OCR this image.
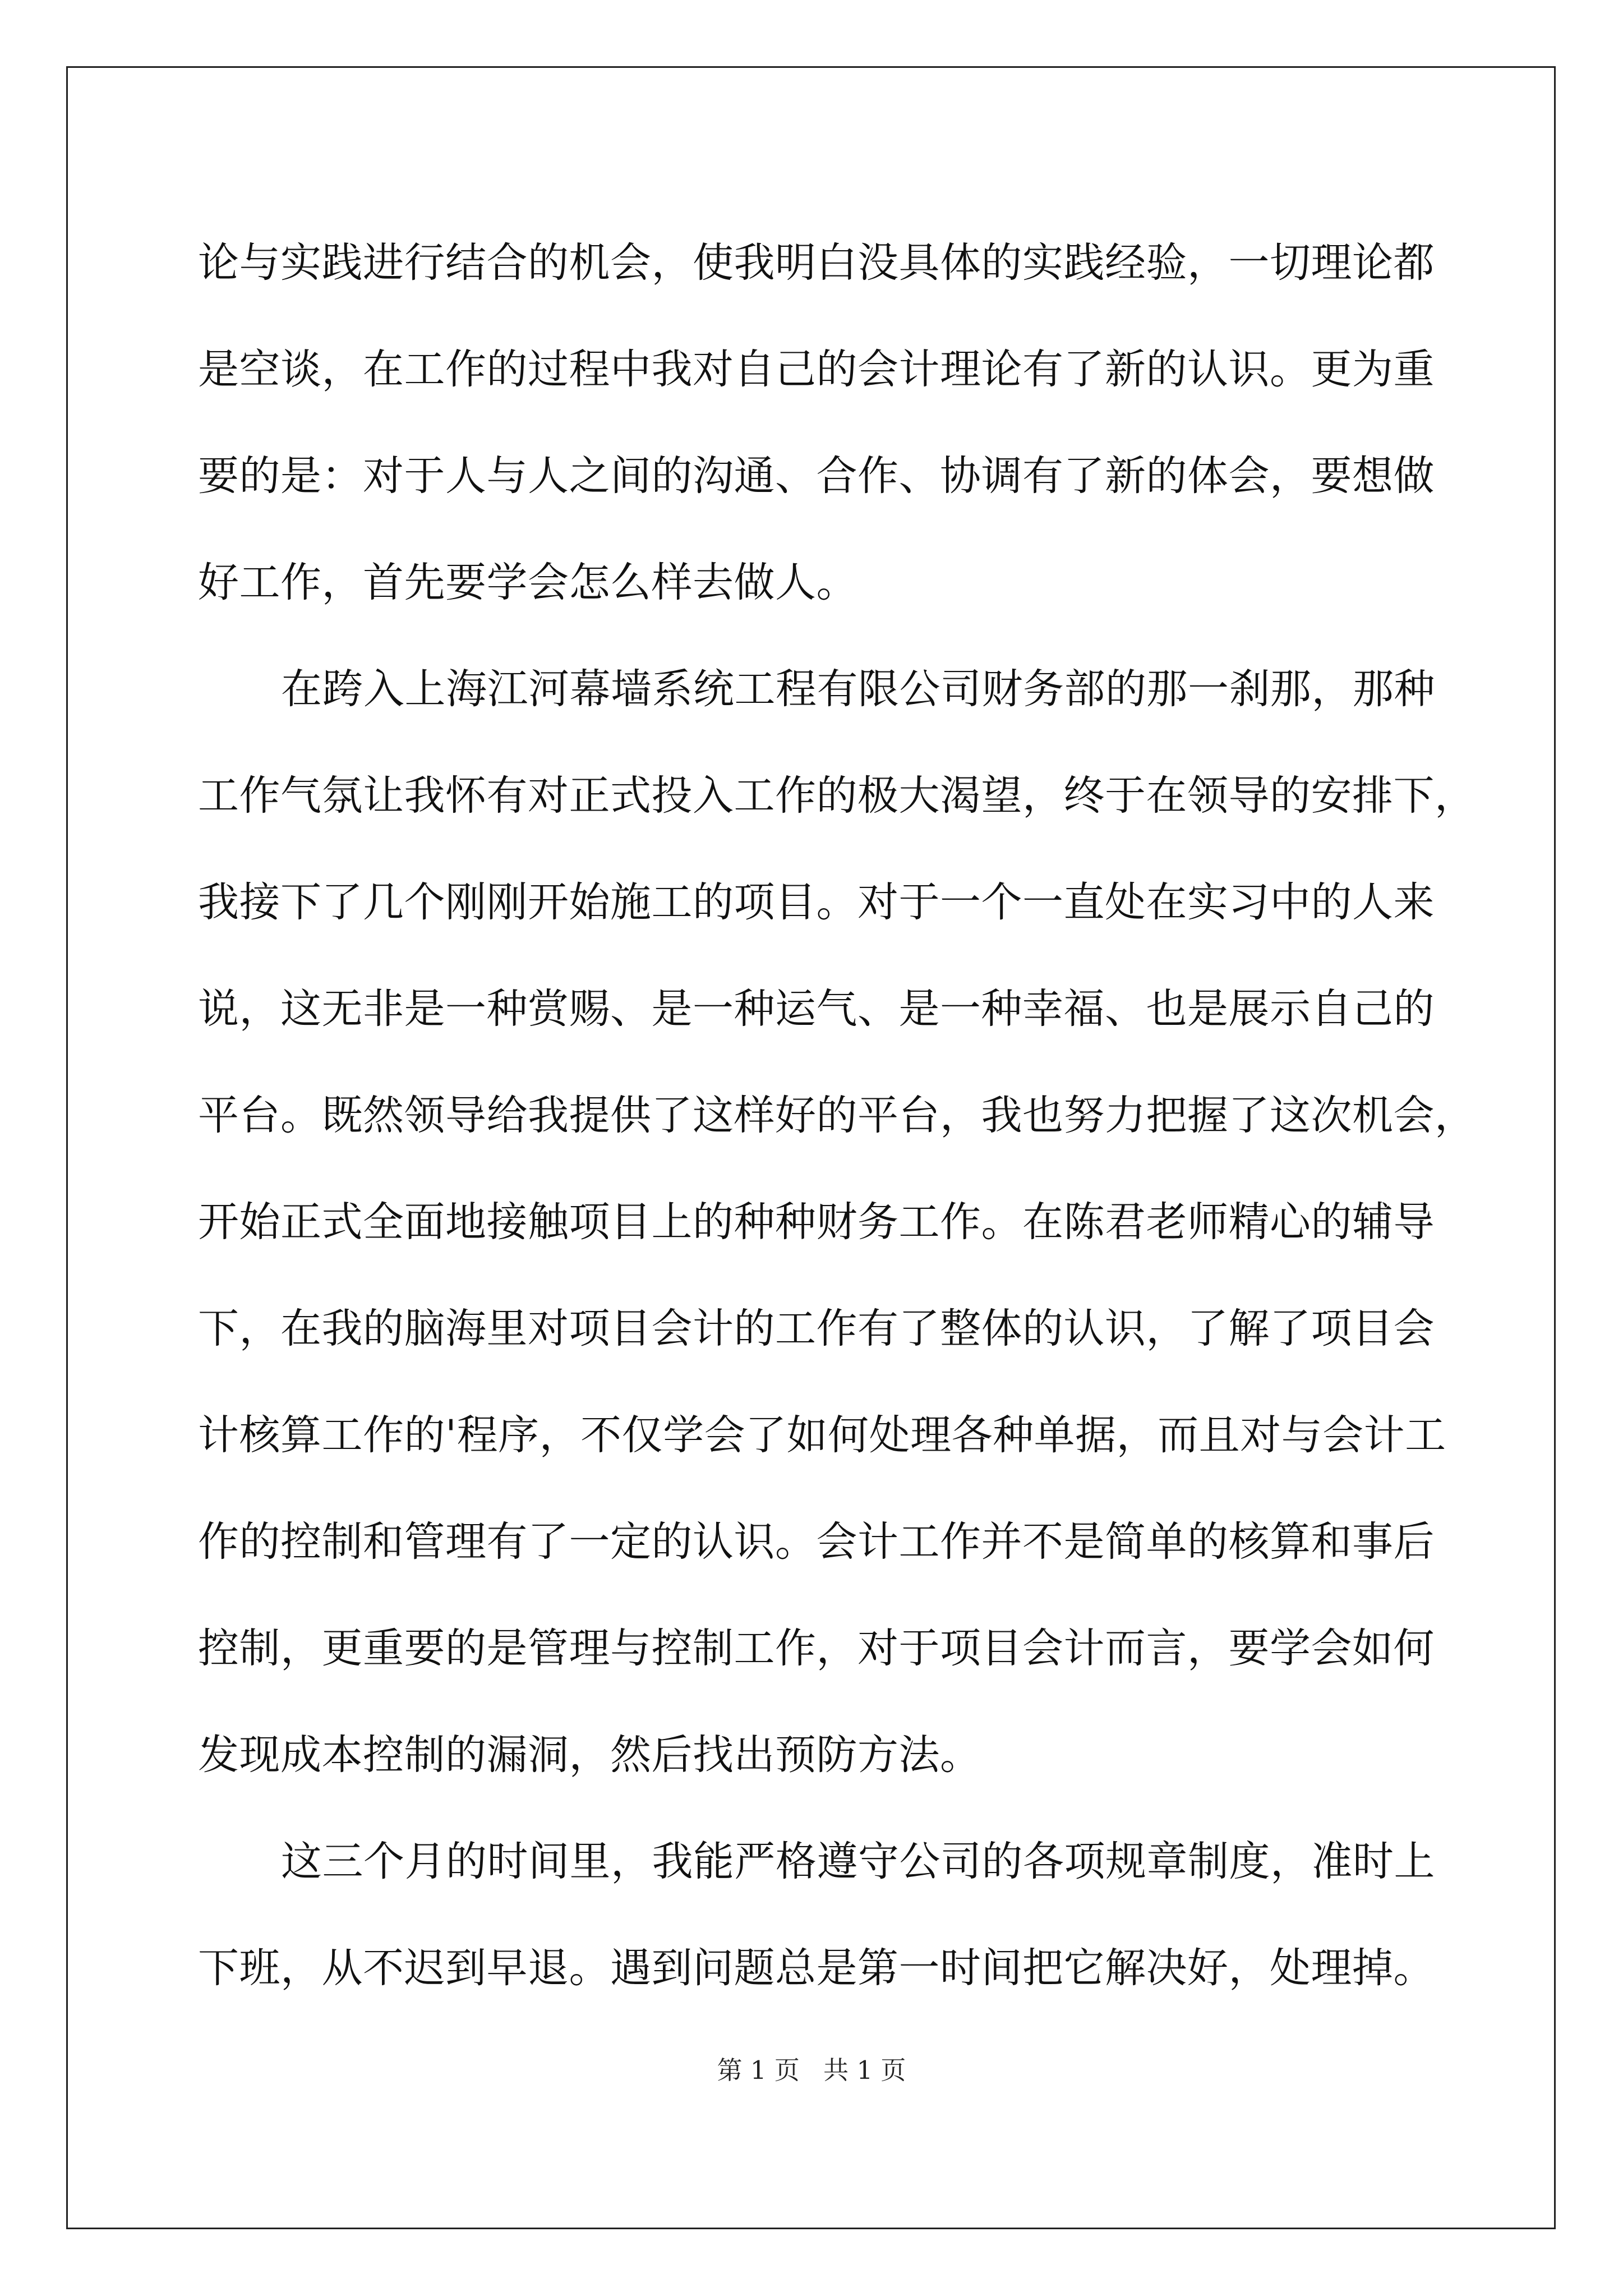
论与实践进行结合的机会，使我明白没具体的实践经验，一切理论都
是空谈，在工作的过程中我对自己的会计理论有了新的认识。更为重
要的是：对于人与人之间的沟通、合作、协调有了新的体会，要想做
好工作，首先要学会怎么样去做人。
在跨入上海江河幕墙系统工程有限公司财务部的那一刹那，那种
工作气氛让我怀有对正式投入工作的极大渴望，终于在领导的安排下，
我接下了几个刚刚开始施工的项目。对于一个一直处在实习中的人来
说，这无非是一种赏赐、是一种运气、是一种幸福、也是展示自己的
平台。既然领导给我提供了这样好的平台，我也努力把握了这次机会，
开始正式全面地接触项目上的种种财务工作。在陈君老师精心的辅导
下，在我的脑海里对项目会计的工作有了整体的认识，了解了项目会
计核算工作的'程序，不仅学会了如何处理各种单据，而且对与会计工
作的控制和管理有了一定的认识。会计工作并不是简单的核算和事后
控制，更重要的是管理与控制工作，对于项目会计而言，要学会如何
发现成本控制的漏洞，然后找出预防方法。
这三个月的时间里，我能严格遵守公司的各项规章制度，准时上
下班，从不迟到早退。遇到问题总是第一时间把它解决好，处理掉。
第 1 页 共 1 页
